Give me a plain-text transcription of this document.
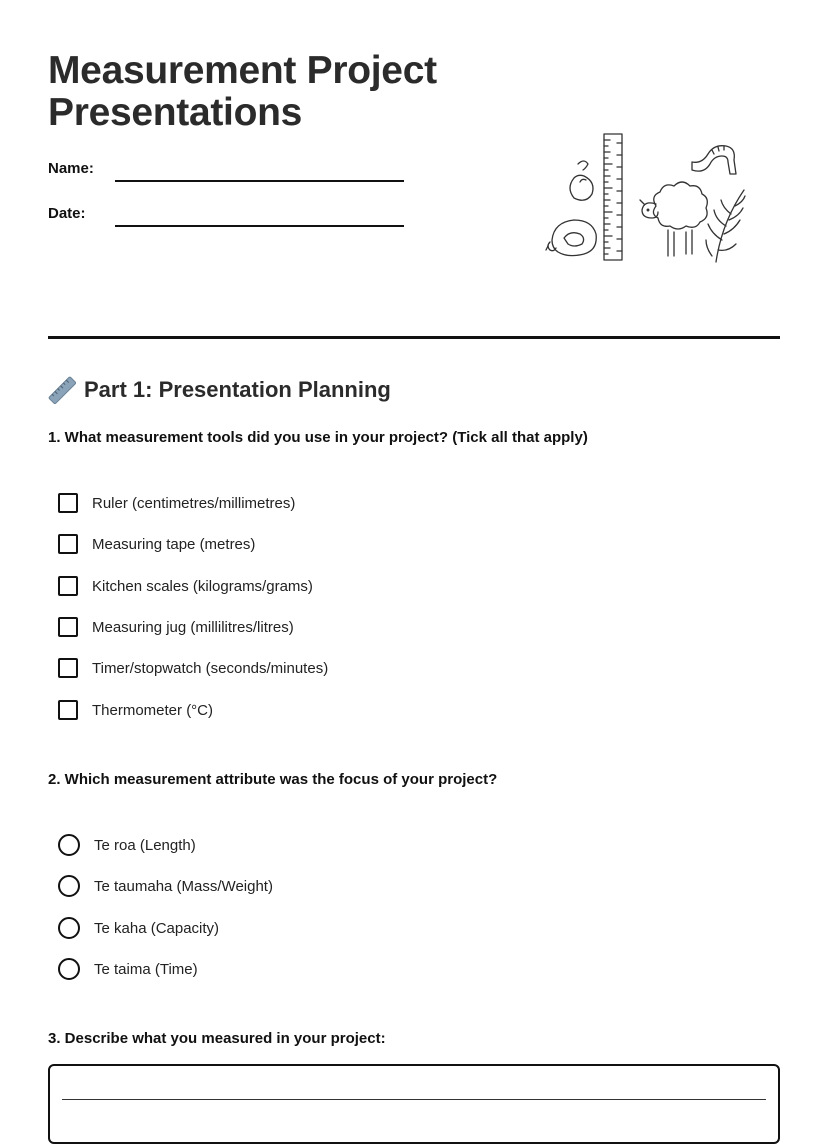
Measurement Project
Presentations
Name:
Date:
Part 1: Presentation Planning

1. What measurement tools did you use in your project? (Tick all that apply)

Ruler (centimetres/millimetres)
Measuring tape (metres)
Kitchen scales (kilograms/grams)
Measuring jug (millilitres/litres)
Timer/stopwatch (seconds/minutes)
Thermometer (°C)

2. Which measurement attribute was the focus of your project?

Te roa (Length)
Te taumaha (Mass/Weight)
Te kaha (Capacity)
Te taima (Time)

3. Describe what you measured in your project:
